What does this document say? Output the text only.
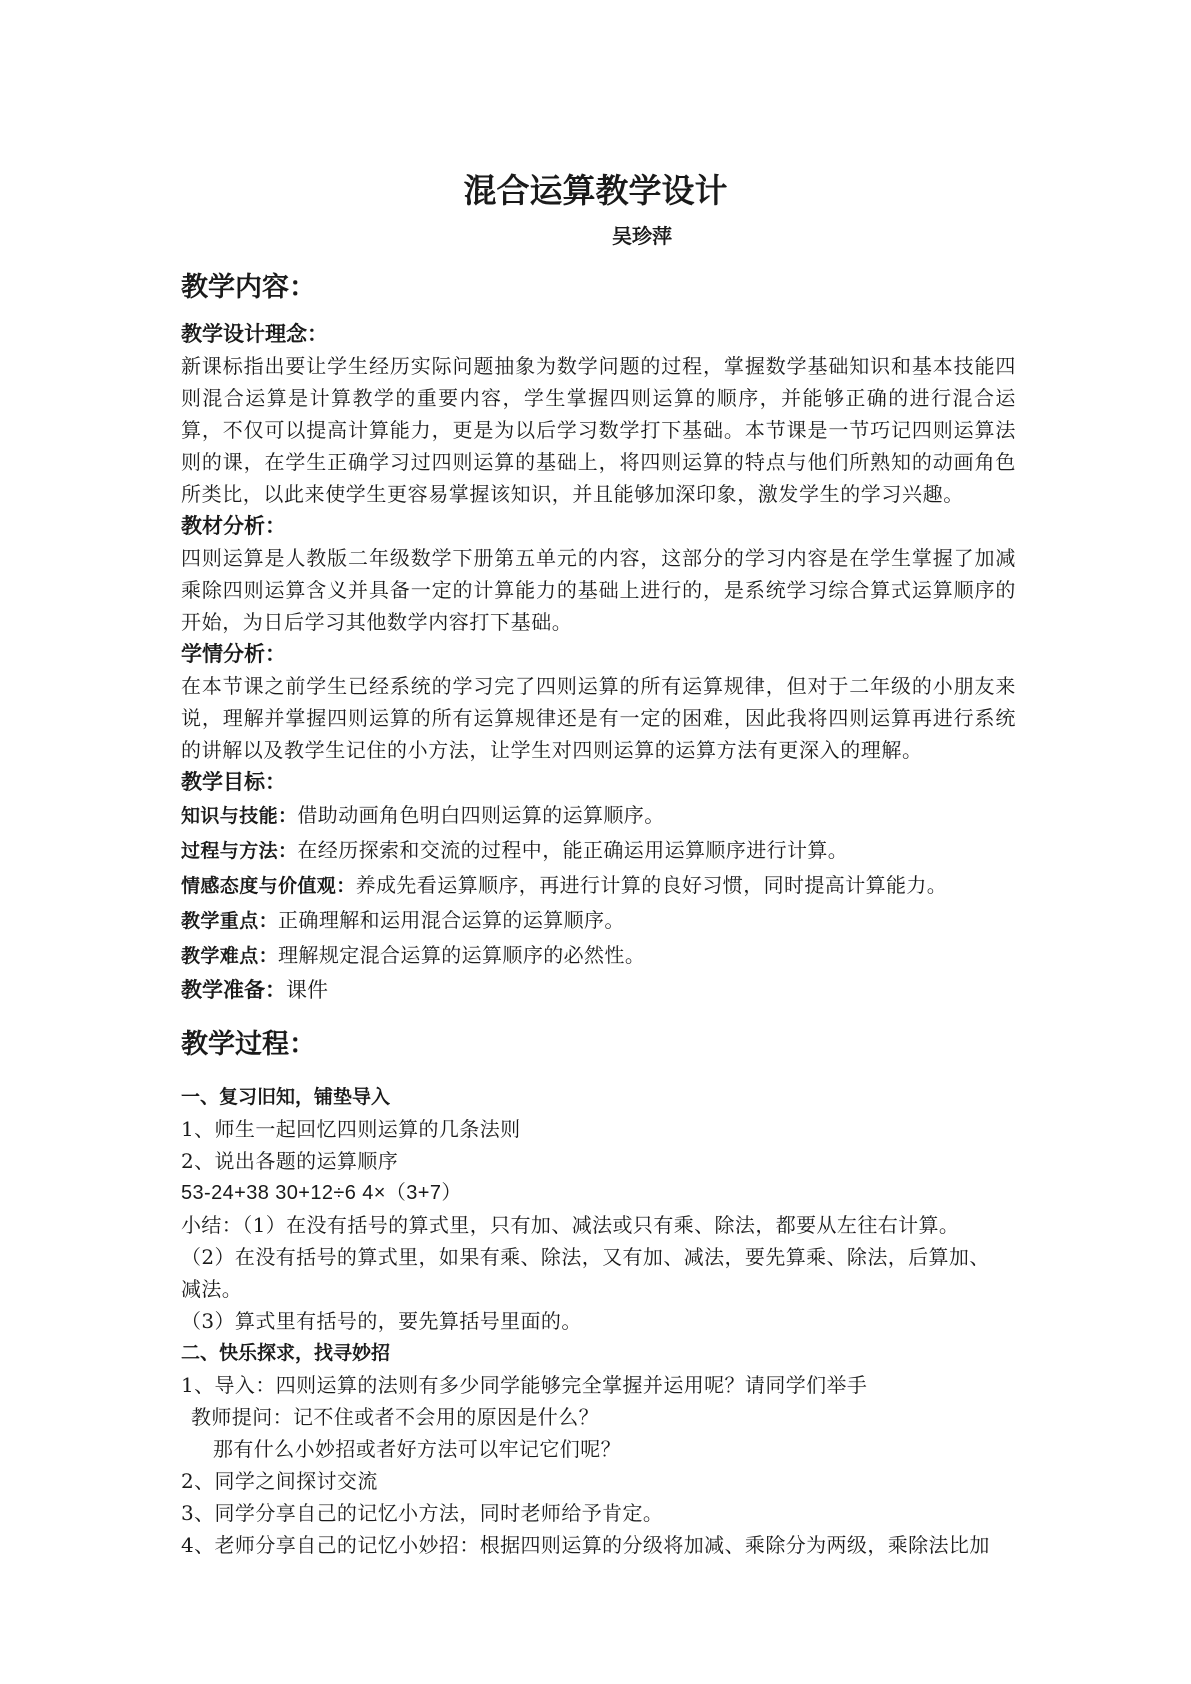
混合运算教学设计
吴珍萍
教学内容：
教学设计理念：

新课标指出要让学生经历实际问题抽象为数学问题的过程，掌握数学基础知识和基本技能四则混合运算是计算教学的重要内容，学生掌握四则运算的顺序，并能够正确的进行混合运算，不仅可以提高计算能力，更是为以后学习数学打下基础。本节课是一节巧记四则运算法则的课，在学生正确学习过四则运算的基础上，将四则运算的特点与他们所熟知的动画角色所类比，以此来使学生更容易掌握该知识，并且能够加深印象，激发学生的学习兴趣。

教材分析：

四则运算是人教版二年级数学下册第五单元的内容，这部分的学习内容是在学生掌握了加减乘除四则运算含义并具备一定的计算能力的基础上进行的，是系统学习综合算式运算顺序的开始，为日后学习其他数学内容打下基础。

学情分析：

在本节课之前学生已经系统的学习完了四则运算的所有运算规律，但对于二年级的小朋友来说，理解并掌握四则运算的所有运算规律还是有一定的困难，因此我将四则运算再进行系统的讲解以及教学生记住的小方法，让学生对四则运算的运算方法有更深入的理解。

教学目标：
知识与技能：借助动画角色明白四则运算的运算顺序。
过程与方法：在经历探索和交流的过程中，能正确运用运算顺序进行计算。
情感态度与价值观：养成先看运算顺序，再进行计算的良好习惯，同时提高计算能力。
教学重点：正确理解和运用混合运算的运算顺序。
教学难点：理解规定混合运算的运算顺序的必然性。
教学准备：课件
教学过程：
一、复习旧知，铺垫导入
1、师生一起回忆四则运算的几条法则
2、说出各题的运算顺序
53-24+38 30+12÷6 4×（3+7）
小结：（1）在没有括号的算式里，只有加、减法或只有乘、除法，都要从左往右计算。
（2）在没有括号的算式里，如果有乘、除法，又有加、减法，要先算乘、除法，后算加、
减法。
（3）算式里有括号的，要先算括号里面的。
二、快乐探求，找寻妙招
1、导入：四则运算的法则有多少同学能够完全掌握并运用呢？请同学们举手
教师提问：记不住或者不会用的原因是什么？
那有什么小妙招或者好方法可以牢记它们呢？
2、同学之间探讨交流
3、同学分享自己的记忆小方法，同时老师给予肯定。
4、老师分享自己的记忆小妙招：根据四则运算的分级将加减、乘除分为两级，乘除法比加
